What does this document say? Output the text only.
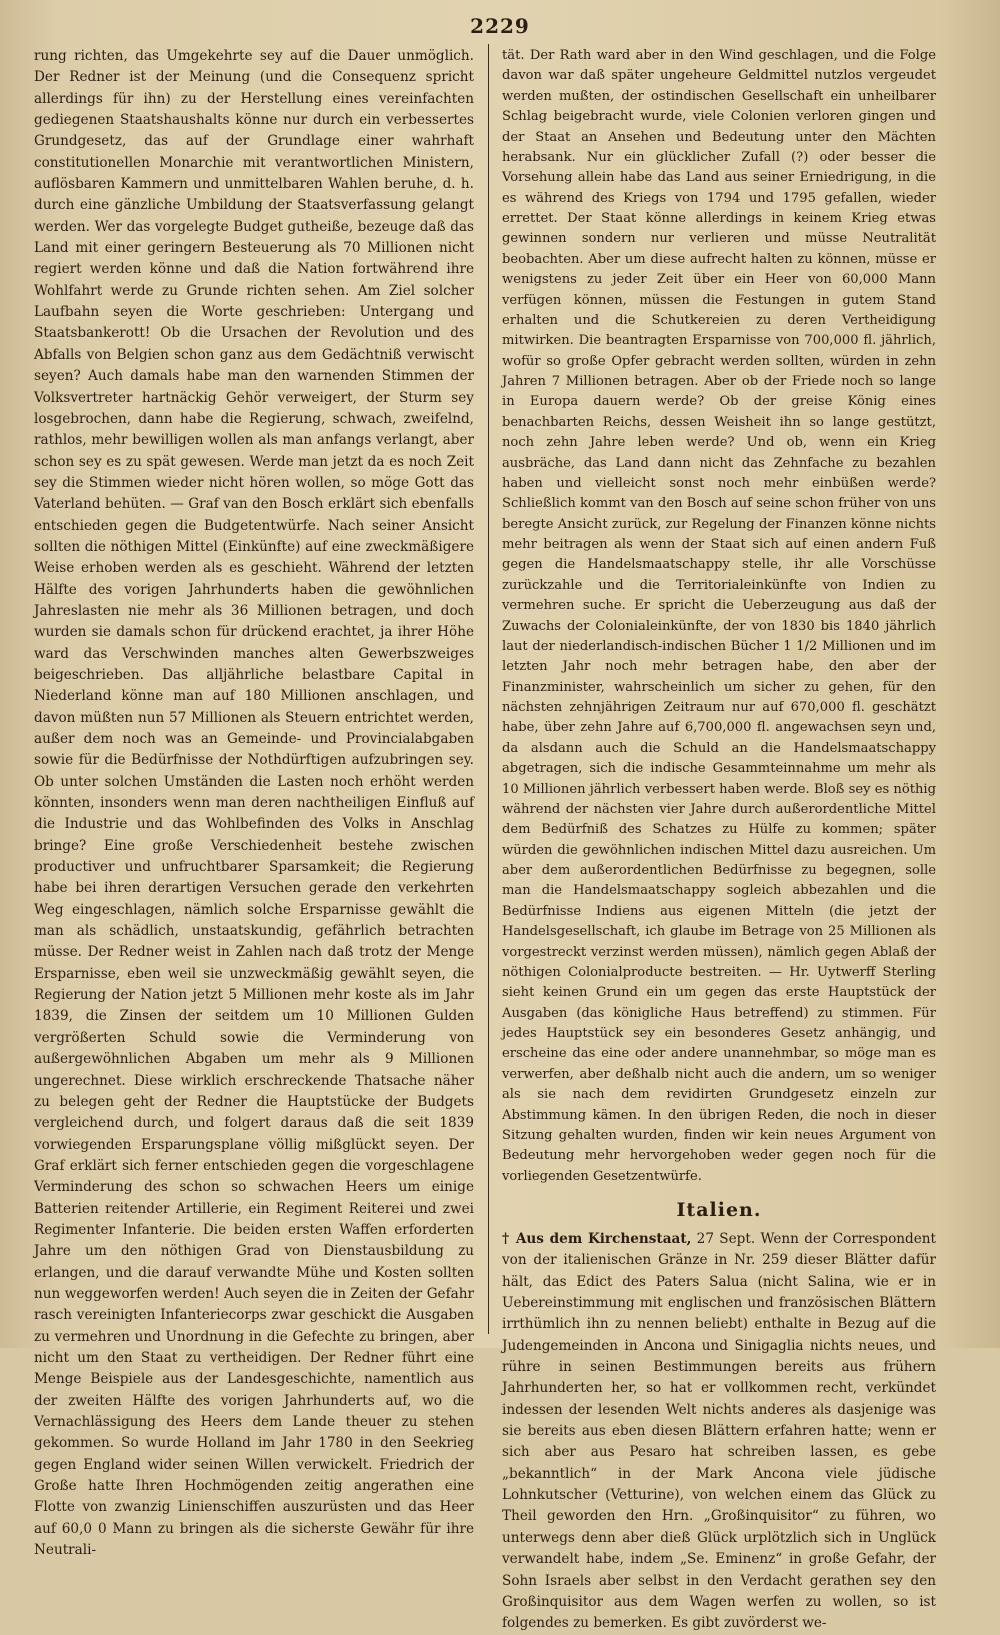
2229

rung richten, das Umgekehrte sey auf die Dauer unmöglich. Der Redner ist der Meinung (und die Consequenz spricht allerdings für ihn) zu der Herstellung eines vereinfachten gediegenen Staatshaushalts könne nur durch ein verbessertes Grundgesetz, das auf der Grundlage einer wahrhaft constitutionellen Monarchie mit verantwortlichen Ministern, auflösbaren Kammern und unmittelbaren Wahlen beruhe, d. h. durch eine gänzliche Umbildung der Staatsverfassung gelangt werden. Wer das vorgelegte Budget gutheiße, bezeuge daß das Land mit einer geringern Besteuerung als 70 Millionen nicht regiert werden könne und daß die Nation fortwährend ihre Wohlfahrt werde zu Grunde richten sehen. Am Ziel solcher Laufbahn seyen die Worte geschrieben: Untergang und Staatsbankerott! Ob die Ursachen der Revolution und des Abfalls von Belgien schon ganz aus dem Gedächtniß verwischt seyen? Auch damals habe man den warnenden Stimmen der Volksvertreter hartnäckig Gehör verweigert, der Sturm sey losgebrochen, dann habe die Regierung, schwach, zweifelnd, rathlos, mehr bewilligen wollen als man anfangs verlangt, aber schon sey es zu spät gewesen. Werde man jetzt da es noch Zeit sey die Stimmen wieder nicht hören wollen, so möge Gott das Vaterland behüten. — Graf van den Bosch erklärt sich ebenfalls entschieden gegen die Budgetentwürfe. Nach seiner Ansicht sollten die nöthigen Mittel (Einkünfte) auf eine zweckmäßigere Weise erhoben werden als es geschieht. Während der letzten Hälfte des vorigen Jahrhunderts haben die gewöhnlichen Jahreslasten nie mehr als 36 Millionen betragen, und doch wurden sie damals schon für drückend erachtet, ja ihrer Höhe ward das Verschwinden manches alten Gewerbszweiges beigeschrieben. Das alljährliche belastbare Capital in Niederland könne man auf 180 Millionen anschlagen, und davon müßten nun 57 Millionen als Steuern entrichtet werden, außer dem noch was an Gemeinde- und Provincialabgaben sowie für die Bedürfnisse der Nothdürftigen aufzubringen sey. Ob unter solchen Umständen die Lasten noch erhöht werden könnten, insonders wenn man deren nachtheiligen Einfluß auf die Industrie und das Wohlbefinden des Volks in Anschlag bringe? Eine große Verschiedenheit bestehe zwischen productiver und unfruchtbarer Sparsamkeit; die Regierung habe bei ihren derartigen Versuchen gerade den verkehrten Weg eingeschlagen, nämlich solche Ersparnisse gewählt die man als schädlich, unstaatskundig, gefährlich betrachten müsse. Der Redner weist in Zahlen nach daß trotz der Menge Ersparnisse, eben weil sie unzweckmäßig gewählt seyen, die Regierung der Nation jetzt 5 Millionen mehr koste als im Jahr 1839, die Zinsen der seitdem um 10 Millionen Gulden vergrößerten Schuld sowie die Verminderung von außergewöhnlichen Abgaben um mehr als 9 Millionen ungerechnet. Diese wirklich erschreckende Thatsache näher zu belegen geht der Redner die Hauptstücke der Budgets vergleichend durch, und folgert daraus daß die seit 1839 vorwiegenden Ersparungsplane völlig mißglückt seyen. Der Graf erklärt sich ferner entschieden gegen die vorgeschlagene Verminderung des schon so schwachen Heers um einige Batterien reitender Artillerie, ein Regiment Reiterei und zwei Regimenter Infanterie. Die beiden ersten Waffen erforderten Jahre um den nöthigen Grad von Dienstausbildung zu erlangen, und die darauf verwandte Mühe und Kosten sollten nun weggeworfen werden! Auch seyen die in Zeiten der Gefahr rasch vereinigten Infanteriecorps zwar geschickt die Ausgaben zu vermehren und Unordnung in die Gefechte zu bringen, aber nicht um den Staat zu vertheidigen. Der Redner führt eine Menge Beispiele aus der Landesgeschichte, namentlich aus der zweiten Hälfte des vorigen Jahrhunderts auf, wo die Vernachlässigung des Heers dem Lande theuer zu stehen gekommen. So wurde Holland im Jahr 1780 in den Seekrieg gegen England wider seinen Willen verwickelt. Friedrich der Große hatte Ihren Hochmögenden zeitig angerathen eine Flotte von zwanzig Linienschiffen auszurüsten und das Heer auf 60,0 0 Mann zu bringen als die sicherste Gewähr für ihre Neutrali-

tät. Der Rath ward aber in den Wind geschlagen, und die Folge davon war daß später ungeheure Geldmittel nutzlos vergeudet werden mußten, der ostindischen Gesellschaft ein unheilbarer Schlag beigebracht wurde, viele Colonien verloren gingen und der Staat an Ansehen und Bedeutung unter den Mächten herabsank. Nur ein glücklicher Zufall (?) oder besser die Vorsehung allein habe das Land aus seiner Erniedrigung, in die es während des Kriegs von 1794 und 1795 gefallen, wieder errettet. Der Staat könne allerdings in keinem Krieg etwas gewinnen sondern nur verlieren und müsse Neutralität beobachten. Aber um diese aufrecht halten zu können, müsse er wenigstens zu jeder Zeit über ein Heer von 60,000 Mann verfügen können, müssen die Festungen in gutem Stand erhalten und die Schutkereien zu deren Vertheidigung mitwirken. Die beantragten Ersparnisse von 700,000 fl. jährlich, wofür so große Opfer gebracht werden sollten, würden in zehn Jahren 7 Millionen betragen. Aber ob der Friede noch so lange in Europa dauern werde? Ob der greise König eines benachbarten Reichs, dessen Weisheit ihn so lange gestützt, noch zehn Jahre leben werde? Und ob, wenn ein Krieg ausbräche, das Land dann nicht das Zehnfache zu bezahlen haben und vielleicht sonst noch mehr einbüßen werde? Schließlich kommt van den Bosch auf seine schon früher von uns beregte Ansicht zurück, zur Regelung der Finanzen könne nichts mehr beitragen als wenn der Staat sich auf einen andern Fuß gegen die Handelsmaatschappy stelle, ihr alle Vorschüsse zurückzahle und die Territorialeinkünfte von Indien zu vermehren suche. Er spricht die Ueberzeugung aus daß der Zuwachs der Colonialeinkünfte, der von 1830 bis 1840 jährlich laut der niederlandisch-indischen Bücher 1 1/2 Millionen und im letzten Jahr noch mehr betragen habe, den aber der Finanzminister, wahrscheinlich um sicher zu gehen, für den nächsten zehnjährigen Zeitraum nur auf 670,000 fl. geschätzt habe, über zehn Jahre auf 6,700,000 fl. angewachsen seyn und, da alsdann auch die Schuld an die Handelsmaatschappy abgetragen, sich die indische Gesammteinnahme um mehr als 10 Millionen jährlich verbessert haben werde. Bloß sey es nöthig während der nächsten vier Jahre durch außerordentliche Mittel dem Bedürfniß des Schatzes zu Hülfe zu kommen; später würden die gewöhnlichen indischen Mittel dazu ausreichen. Um aber dem außerordentlichen Bedürfnisse zu begegnen, solle man die Handelsmaatschappy sogleich abbezahlen und die Bedürfnisse Indiens aus eigenen Mitteln (die jetzt der Handelsgesellschaft, ich glaube im Betrage von 25 Millionen als vorgestreckt verzinst werden müssen), nämlich gegen Ablaß der nöthigen Colonialproducte bestreiten. — Hr. Uytwerff Sterling sieht keinen Grund ein um gegen das erste Hauptstück der Ausgaben (das königliche Haus betreffend) zu stimmen. Für jedes Hauptstück sey ein besonderes Gesetz anhängig, und erscheine das eine oder andere unannehmbar, so möge man es verwerfen, aber deßhalb nicht auch die andern, um so weniger als sie nach dem revidirten Grundgesetz einzeln zur Abstimmung kämen. In den übrigen Reden, die noch in dieser Sitzung gehalten wurden, finden wir kein neues Argument von Bedeutung mehr hervorgehoben weder gegen noch für die vorliegenden Gesetzentwürfe.

Italien.

† Aus dem Kirchenstaat, 27 Sept. Wenn der Correspondent von der italienischen Gränze in Nr. 259 dieser Blätter dafür hält, das Edict des Paters Salua (nicht Salina, wie er in Uebereinstimmung mit englischen und französischen Blättern irrthümlich ihn zu nennen beliebt) enthalte in Bezug auf die Judengemeinden in Ancona und Sinigaglia nichts neues, und rühre in seinen Bestimmungen bereits aus frühern Jahrhunderten her, so hat er vollkommen recht, verkündet indessen der lesenden Welt nichts anderes als dasjenige was sie bereits aus eben diesen Blättern erfahren hatte; wenn er sich aber aus Pesaro hat schreiben lassen, es gebe „bekanntlich“ in der Mark Ancona viele jüdische Lohnkutscher (Vetturine), von welchen einem das Glück zu Theil geworden den Hrn. „Großinquisitor“ zu führen, wo unterwegs denn aber dieß Glück urplötzlich sich in Unglück verwandelt habe, indem „Se. Eminenz“ in große Gefahr, der Sohn Israels aber selbst in den Verdacht gerathen sey den Großinquisitor aus dem Wagen werfen zu wollen, so ist folgendes zu bemerken. Es gibt zuvörderst we-
